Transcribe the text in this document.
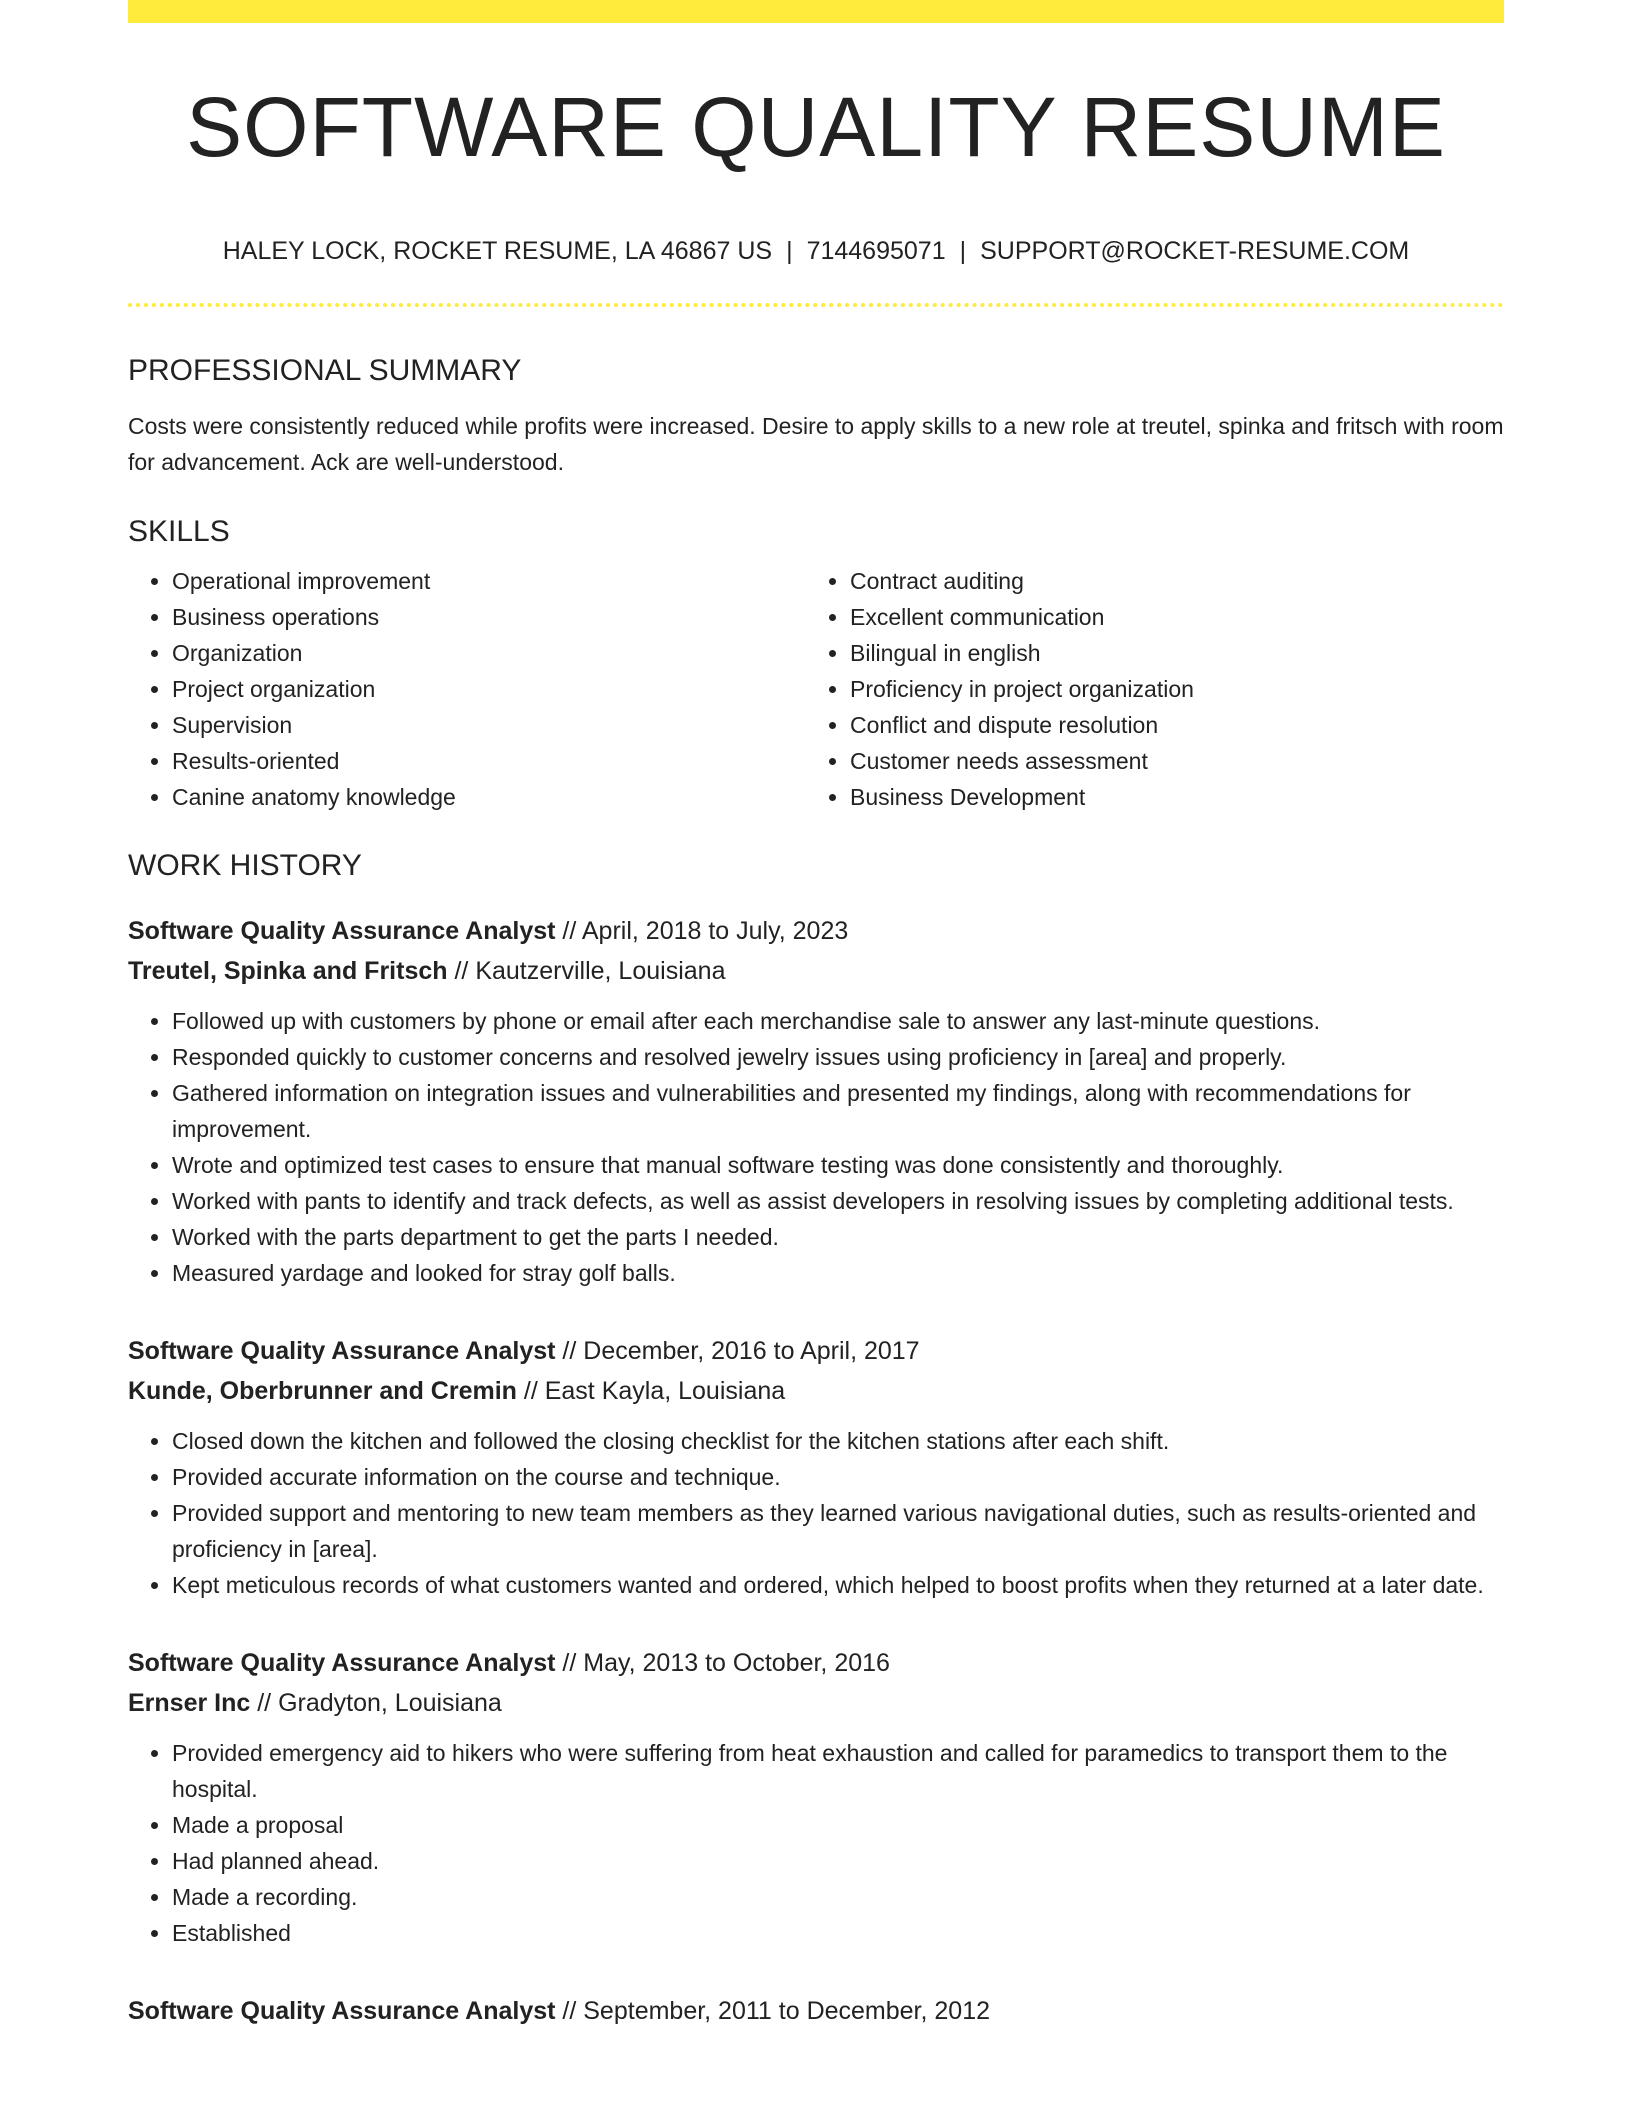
SOFTWARE QUALITY RESUME
HALEY LOCK, ROCKET RESUME, LA 46867 US | 7144695071 | SUPPORT@ROCKET-RESUME.COM
PROFESSIONAL SUMMARY
Costs were consistently reduced while profits were increased. Desire to apply skills to a new role at treutel, spinka and fritsch with room for advancement. Ack are well-understood.
SKILLS
• Operational improvement
• Business operations
• Organization
• Project organization
• Supervision
• Results-oriented
• Canine anatomy knowledge
• Contract auditing
• Excellent communication
• Bilingual in english
• Proficiency in project organization
• Conflict and dispute resolution
• Customer needs assessment
• Business Development
WORK HISTORY
Software Quality Assurance Analyst // April, 2018 to July, 2023
Treutel, Spinka and Fritsch // Kautzerville, Louisiana
• Followed up with customers by phone or email after each merchandise sale to answer any last-minute questions.
• Responded quickly to customer concerns and resolved jewelry issues using proficiency in [area] and properly.
• Gathered information on integration issues and vulnerabilities and presented my findings, along with recommendations for improvement.
• Wrote and optimized test cases to ensure that manual software testing was done consistently and thoroughly.
• Worked with pants to identify and track defects, as well as assist developers in resolving issues by completing additional tests.
• Worked with the parts department to get the parts I needed.
• Measured yardage and looked for stray golf balls.
Software Quality Assurance Analyst // December, 2016 to April, 2017
Kunde, Oberbrunner and Cremin // East Kayla, Louisiana
• Closed down the kitchen and followed the closing checklist for the kitchen stations after each shift.
• Provided accurate information on the course and technique.
• Provided support and mentoring to new team members as they learned various navigational duties, such as results-oriented and proficiency in [area].
• Kept meticulous records of what customers wanted and ordered, which helped to boost profits when they returned at a later date.
Software Quality Assurance Analyst // May, 2013 to October, 2016
Ernser Inc // Gradyton, Louisiana
• Provided emergency aid to hikers who were suffering from heat exhaustion and called for paramedics to transport them to the hospital.
• Made a proposal
• Had planned ahead.
• Made a recording.
• Established
Software Quality Assurance Analyst // September, 2011 to December, 2012
